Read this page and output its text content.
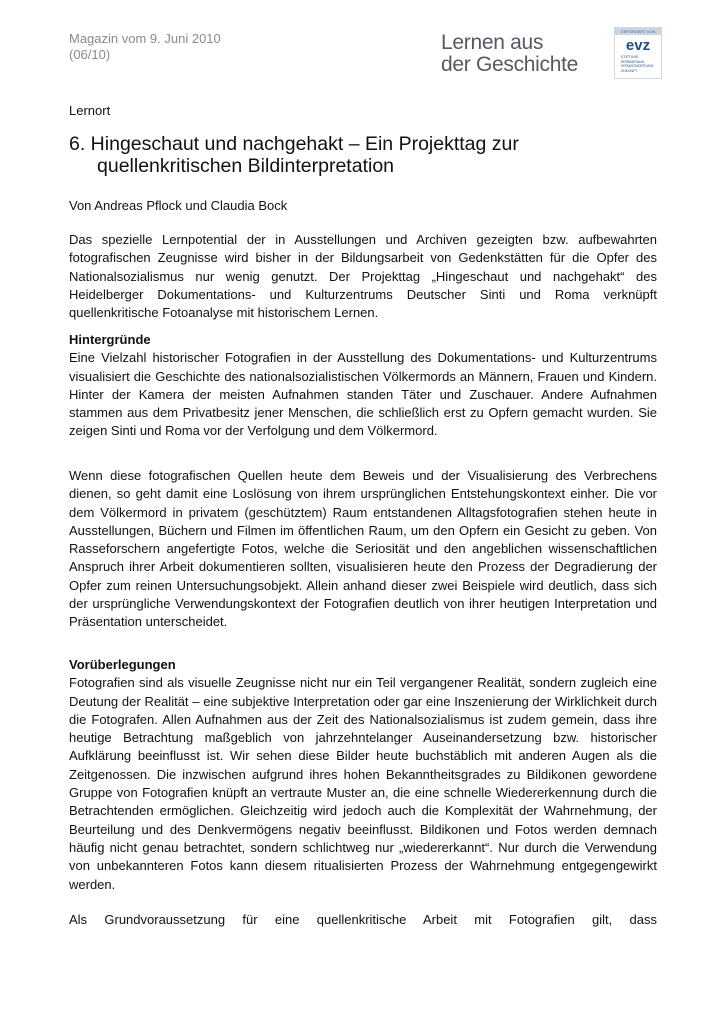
Magazin vom 9. Juni 2010
(06/10)
Lernen aus
der Geschichte
GEFÖRDERT VON
evz
STIFTUNG
ERINNERUNG
VERANTWORTUNG
ZUKUNFT
Lernort
6. Hingeschaut und nachgehakt – Ein Projekttag zur
quellenkritischen Bildinterpretation
Von Andreas Pflock und Claudia Bock
Das spezielle Lernpotential der in Ausstellungen und Archiven gezeigten bzw. aufbewahrten fotografischen Zeugnisse wird bisher in der Bildungsarbeit von Gedenkstätten für die Opfer des Nationalsozialismus nur wenig genutzt. Der Projekttag „Hingeschaut und nachgehakt“ des Heidelberger Dokumentations- und Kulturzentrums Deutscher Sinti und Roma verknüpft quellenkritische Fotoanalyse mit historischem Lernen.
Hintergründe
Eine Vielzahl historischer Fotografien in der Ausstellung des Dokumentations- und Kulturzentrums visualisiert die Geschichte des nationalsozialistischen Völkermords an Männern, Frauen und Kindern. Hinter der Kamera der meisten Aufnahmen standen Täter und Zuschauer. Andere Aufnahmen stammen aus dem Privatbesitz jener Menschen, die schließlich erst zu Opfern gemacht wurden. Sie zeigen Sinti und Roma vor der Verfolgung und dem Völkermord.
Wenn diese fotografischen Quellen heute dem Beweis und der Visualisierung des Verbrechens dienen, so geht damit eine Loslösung von ihrem ursprünglichen Entstehungskontext einher. Die vor dem Völkermord in privatem (geschütztem) Raum entstandenen Alltagsfotografien stehen heute in Ausstellungen, Büchern und Filmen im öffentlichen Raum, um den Opfern ein Gesicht zu geben. Von Rasseforschern angefertigte Fotos, welche die Seriosität und den angeblichen wissenschaftlichen Anspruch ihrer Arbeit dokumentieren sollten, visualisieren heute den Prozess der Degradierung der Opfer zum reinen Untersuchungsobjekt. Allein anhand dieser zwei Beispiele wird deutlich, dass sich der ursprüngliche Verwendungskontext der Fotografien deutlich von ihrer heutigen Interpretation und Präsentation unterscheidet.
Vorüberlegungen
Fotografien sind als visuelle Zeugnisse nicht nur ein Teil vergangener Realität, sondern zugleich eine Deutung der Realität – eine subjektive Interpretation oder gar eine Inszenierung der Wirklichkeit durch die Fotografen. Allen Aufnahmen aus der Zeit des Nationalsozialismus ist zudem gemein, dass ihre heutige Betrachtung maßgeblich von jahrzehntelanger Auseinandersetzung bzw. historischer Aufklärung beeinflusst ist. Wir sehen diese Bilder heute buchstäblich mit anderen Augen als die Zeitgenossen. Die inzwischen aufgrund ihres hohen Bekanntheitsgrades zu Bildikonen gewordene Gruppe von Fotografien knüpft an vertraute Muster an, die eine schnelle Wiedererkennung durch die Betrachtenden ermöglichen. Gleichzeitig wird jedoch auch die Komplexität der Wahrnehmung, der Beurteilung und des Denkvermögens negativ beeinflusst. Bildikonen und Fotos werden demnach häufig nicht genau betrachtet, sondern schlichtweg nur „wiedererkannt“. Nur durch die Verwendung von unbekannteren Fotos kann diesem ritualisierten Prozess der Wahrnehmung entgegengewirkt werden.
Als Grundvoraussetzung für eine quellenkritische Arbeit mit Fotografien gilt, dass
